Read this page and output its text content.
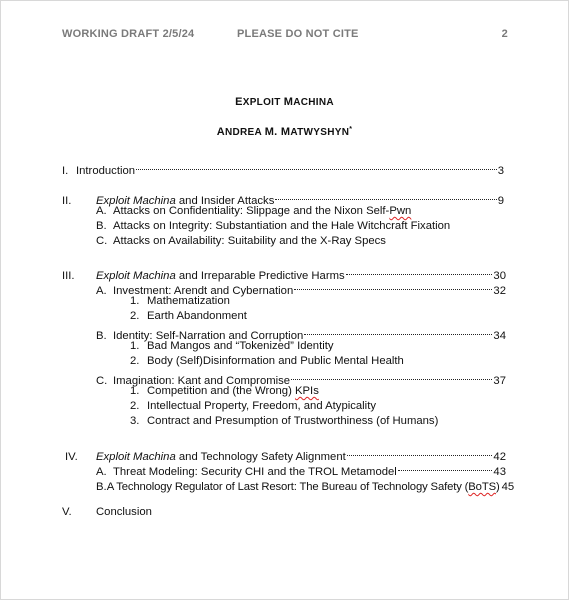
WORKING DRAFT 2/5/24	PLEASE DO NOT CITE	2
EXPLOIT MACHINA
ANDREA M. MATWYSHYN*
I. Introduction	3
II.	Exploit Machina and Insider Attacks	9
A. Attacks on Confidentiality: Slippage and the Nixon Self-Pwn
B. Attacks on Integrity: Substantiation and the Hale Witchcraft Fixation
C. Attacks on Availability: Suitability and the X-Ray Specs
III.	Exploit Machina and Irreparable Predictive Harms	30
A. Investment: Arendt and Cybernation	32
1. Mathematization
2. Earth Abandonment
B. Identity: Self-Narration and Corruption	34
1. Bad Mangos and “Tokenized” Identity
2. Body (Self)Disinformation and Public Mental Health
C. Imagination: Kant and Compromise	37
1. Competition and (the Wrong) KPIs
2. Intellectual Property, Freedom, and Atypicality
3. Contract and Presumption of Trustworthiness (of Humans)
IV.	Exploit Machina and Technology Safety Alignment	42
A. Threat Modeling: Security CHI and the TROL Metamodel	43
B. A Technology Regulator of Last Resort: The Bureau of Technology Safety (BoTS) 45
V.	Conclusion
